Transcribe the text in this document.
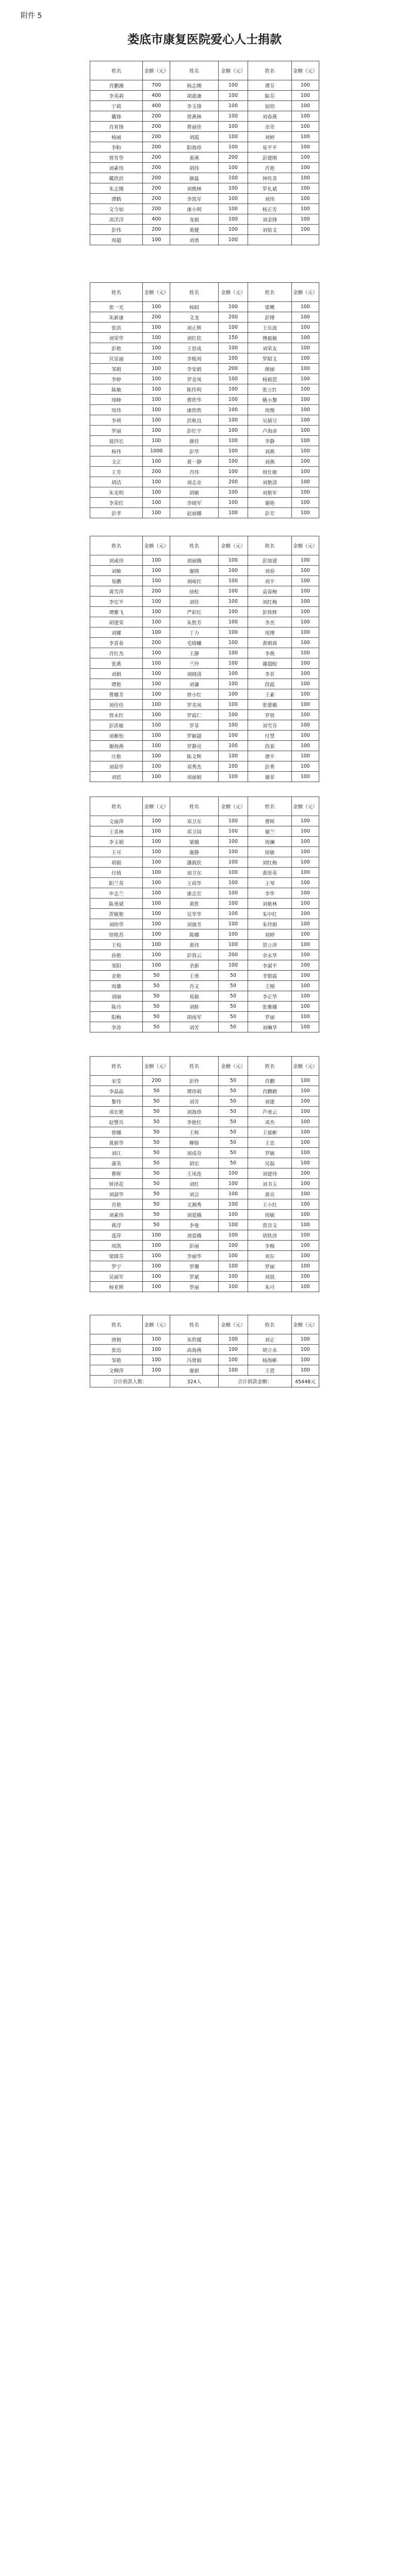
附件 5
娄底市康复医院爱心人士捐款
姓名	金额（元）	姓名	金额（元）	姓名	金额（元）
肖鹏湘	700	杨志刚	100	谭芬	100
李英莉	400	胡惠康	100	陈芬	100
宁莉	400	李玉锋	100	屈绍	100
戴锋	200	曾燕林	100	刘春燕	100
肖育锋	200	曹丽佳	100	余奇	100
杨丽	200	刘霞	100	刘婷	100
李粉	200	阳海珍	100	易平平	100
曾芳华	200	黄燕	200	彭建刚	100
刘素伟	200	胡伟	100	肖艳	100
戴欣洪	200	颜磊	100	钟传喜	100
朱志刚	200	刘俊林	100	罗礼斌	100
谭鹤	200	李凯军	100	刘伟	100
文今如	200	康小明	100	杨正芳	100
邓洋洋	400	龙娟	100	刘金锋	100
彭伟	200	黄健	100	刘依文	100
周超	100	刘勇	100		
姓名	金额（元）	姓名	金额（元）	姓名	金额（元）
张一光	100	杨昭	100	梁鹰	100
朱新康	200	文龙	200	彭博	100
张洪	100	刘正辉	100	王乐波	100
刘荣华	100	刘红钦	150	傅毅敏	100
彭艳	100	王思成	100	刘荣友	100
贝显丽	100	李根周	100	罗昭文	100
邹娟	100	李安娟	200	颜丽	100
李婷	100	罗金凤	100	杨毅恩	100
陈敏	100	陈传明	100	张立红	100
周峰	100	曹欣华	100	姚小黎	100
周伟	100	康欣欣	100	周俊	100
李琪	100	洪秋良	100	吴婧豆	100
罗丽	100	彭红宇	100	卢海彦	100
聂四长	100	颜佳	100	李静	100
杨伟	1000	彭华	100	刘燕	100
文正	100	黄一静	100	刘燕	100
王芳	200	肖伟	100	周仕敏	100
胡洁	100	刘志业	200	刘艳清	100
朱光明	100	胡敏	100	刘艳军	100
李荣红	100	李晓军	100	谢艳	100
彭孝	100	赵丽娜	100	彭芳	100
姓名	金额（元）	姓名	金额（元）	姓名	金额（元）
刘咸伟	100	刘丽娥	100	彭加建	100
刘敏	100	谢晓	100	刘春	100
易鹏	100	刘咏红	100	刘平	100
黄雪萍	200	徐松	100	袁春梅	100
李宏平	100	刘佳	100	刘红梅	100
谭雅飞	100	严彩红	100	彭铁辉	100
胡建荣	100	朱胜芳	100	李杰	100
刘耀	100	丁力	100	周博	100
李喜春	200	毛晓曦	100	黄朝茜	100
肖红杰	100	王静	100	李燕	100
张燕	100	兰玲	100	谢超蛟	100
刘娟	100	刘晓清	100	李茗	100
谭艳	100	刘谦	100	段霞	100
曹娜芳	100	曾小红	100	王素	100
刘佳佳	100	罗美凤	100	张婆娥	100
曾永红	100	罗霞仁	100	罗曾	100
彭洪敏	100	罗菲	100	刘雪芬	100
刘雁怡	100	罗颖超	100	付慧	100
谢海燕	100	罗静亮	100	段泰	100
庄艳	100	陈文辉	100	谭平	100
刘茹华	100	邓秀杰	100	彭秀	100
刘思	100	刘丽娟	100	谢菲	100
姓名	金额（元）	姓名	金额（元）	姓名	金额（元）
文丽萍	100	邓卫东	100	曹晖	100
王喜林	100	邓卫国	100	谢兰	100
李玉娟	100	梁娥	100	周澜	100
王可	100	谢静	100	徐敏	100
胡毅	100	潘载钦	100	刘红梅	100
付倩	100	刘卫东	100	黄彤英	100
阳兰英	100	王荷华	100	王琴	100
申志兰	100	康志宏	100	李华	100
陈勇斌	100	黄胜	100	刘艳林	100
贺敏艳	100	吴华华	100	朱中红	100
刘炜华	100	刘盛芳	100	朱玲娟	100
徐艳苏	100	陈娜	100	刘婷	100
王悦	100	黄伟	100	贺立萍	100
孙艳	100	彭蓉云	200	余永华	100
邹阳	100	余新	100	李淑平	100
金艳	50	王勇	50	李银霞	100
周雄	50	肖文	50	王刚	100
刘丽	50	易毅	50	李正华	100
陈丹	50	刘桥	50	张雅娜	100
阳梅	50	胡雨军	50	罗丽	100
李涛	50	刘芳	50	刘琳华	100
姓名	金额（元）	姓名	金额（元）	姓名	金额（元）
宋莹	200	彭伶	50	肖鹏	100
李晶晶	50	谭珍莉	50	肖鹏鹤	100
黎伟	50	刘芳	50	刘建	100
邓宏艳	50	刘海珍	50	芦勇云	100
赵譬兵	50	李艳红	50	邓杰	100
曾娜	50	王辉	50	王郁彬	100
黄新华	50	柳娇	50	王忠	100
刘江	50	刘成奇	50	罗敏	100
蒲英	50	胡宏	50	吴磊	100
曹晖	50	王凤连	100	刘建伟	100
钟泽花	50	刘红	100	刘书玉	100
刘淑华	50	刘会	100	黄亮	100
肖艳	50	文湘秀	100	王小红	100
刘素伟	50	刘爱娥	100	周敏	100
蒋浮	50	李曼	100	贾昔文	100
莲萍	100	刘爱娥	100	胡铁涛	100
周凯	100	彭丽	100	李梅	100
梁圆芬	100	李丽华	100	刘东	100
罗宁	100	罗珊	100	罗丽	100
吴丽军	100	罗斌	100	刘晨	100
杨亚辉	100	罗丽	100	朱可	100
姓名	金额（元）	姓名	金额（元）	姓名	金额（元）
唐娟	100	朱欣媛	100	刘正	100
张迅	100	高海燕	100	胡立永	100
邹艳	100	冯曾娟	100	杨海彬	100
文柳萍	100	谢娟	100	王恩	100
合计捐款人数：		324人	合计捐款金额：		45448元
